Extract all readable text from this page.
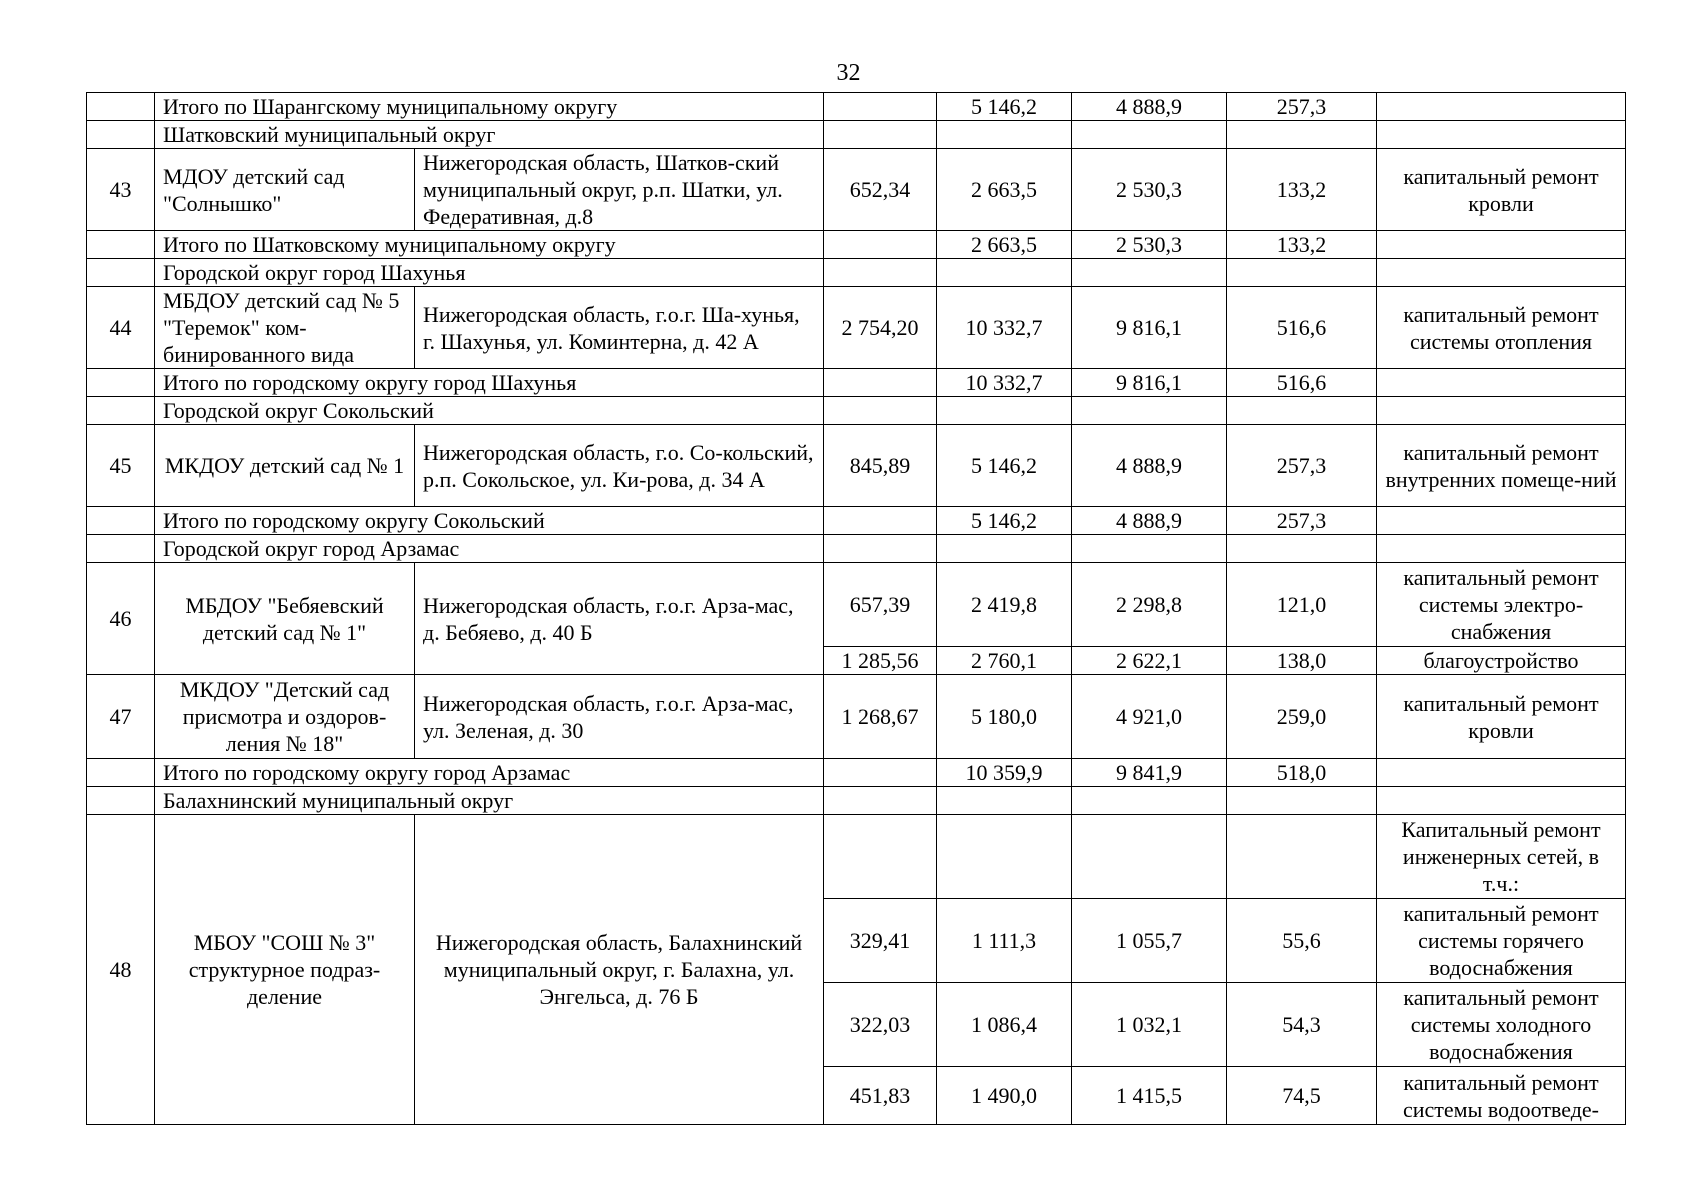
32
	Итого по Шарангскому муниципальному округу			5 146,2	4 888,9	257,3	
	Шатковский муниципальный округ						
43	МДОУ детский сад "Солнышко"	Нижегородская область, Шатков-ский муниципальный округ, р.п. Шатки, ул. Федеративная, д.8	652,34	2 663,5	2 530,3	133,2	капитальный ремонт кровли
	Итого по Шатковскому муниципальному округу			2 663,5	2 530,3	133,2	
	Городской округ город Шахунья						
44	МБДОУ детский сад № 5 "Теремок" ком-бинированного вида	Нижегородская область, г.о.г. Ша-хунья, г. Шахунья, ул. Коминтерна, д. 42 А	2 754,20	10 332,7	9 816,1	516,6	капитальный ремонт системы отопления
	Итого по городскому округу город Шахунья			10 332,7	9 816,1	516,6	
	Городской округ Сокольский						
45	МКДОУ детский сад № 1	Нижегородская область, г.о. Со-кольский, р.п. Сокольское, ул. Ки-рова, д. 34 А	845,89	5 146,2	4 888,9	257,3	капитальный ремонт внутренних помеще-ний
	Итого по городскому округу Сокольский			5 146,2	4 888,9	257,3	
	Городской округ город Арзамас						
46	МБДОУ "Бебяевский детский сад № 1"	Нижегородская область, г.о.г. Арза-мас, д. Бебяево, д. 40 Б	657,39	2 419,8	2 298,8	121,0	капитальный ремонт системы электро-снабжения
			1 285,56	2 760,1	2 622,1	138,0	благоустройство
47	МКДОУ "Детский сад присмотра и оздоров-ления № 18"	Нижегородская область, г.о.г. Арза-мас, ул. Зеленая, д. 30	1 268,67	5 180,0	4 921,0	259,0	капитальный ремонт кровли
	Итого по городскому округу город Арзамас			10 359,9	9 841,9	518,0	
	Балахнинский муниципальный округ						
48	МБОУ "СОШ № 3" структурное подраз-деление	Нижегородская область, Балахнинский муниципальный округ, г. Балахна, ул. Энгельса, д. 76 Б					Капитальный ремонт инженерных сетей, в т.ч.:
			329,41	1 111,3	1 055,7	55,6	капитальный ремонт системы горячего водоснабжения
			322,03	1 086,4	1 032,1	54,3	капитальный ремонт системы холодного водоснабжения
			451,83	1 490,0	1 415,5	74,5	капитальный ремонт системы водоотведе-
